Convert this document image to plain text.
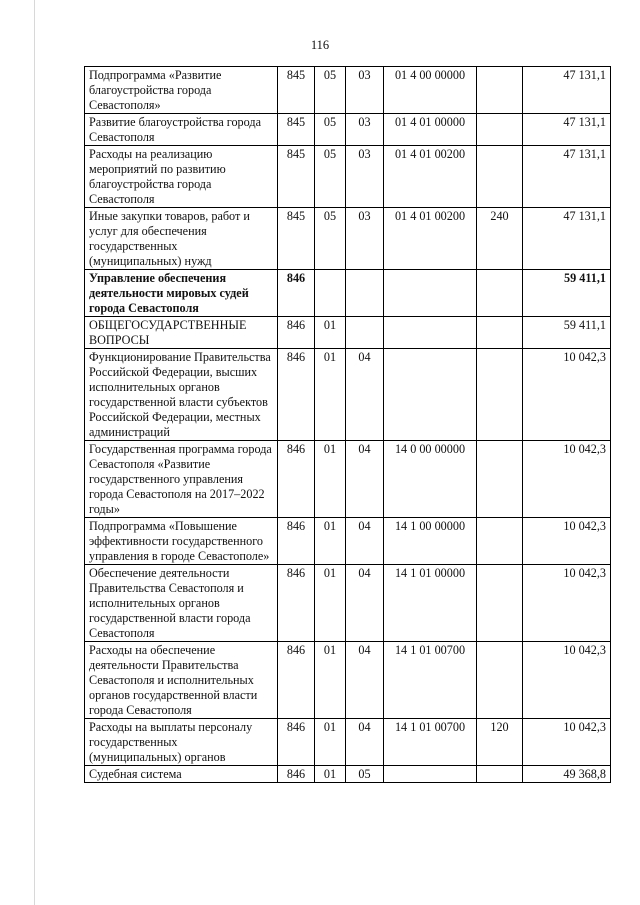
116
Подпрограмма «Развитие благоустройства города Севастополя»	845	05	03	01 4 00 00000		47 131,1
Развитие благоустройства города Севастополя	845	05	03	01 4 01 00000		47 131,1
Расходы на реализацию мероприятий по развитию благоустройства города Севастополя	845	05	03	01 4 01 00200		47 131,1
Иные закупки товаров, работ и услуг для обеспечения государственных (муниципальных) нужд	845	05	03	01 4 01 00200	240	47 131,1
Управление обеспечения деятельности мировых судей города Севастополя	846					59 411,1
ОБЩЕГОСУДАРСТВЕННЫЕ ВОПРОСЫ	846	01				59 411,1
Функционирование Правительства Российской Федерации, высших исполнительных органов государственной власти субъектов Российской Федерации, местных администраций	846	01	04			10 042,3
Государственная программа города Севастополя «Развитие государственного управления города Севастополя на 2017–2022 годы»	846	01	04	14 0 00 00000		10 042,3
Подпрограмма «Повышение эффективности государственного управления в городе Севастополе»	846	01	04	14 1 00 00000		10 042,3
Обеспечение деятельности Правительства Севастополя и исполнительных органов государственной власти города Севастополя	846	01	04	14 1 01 00000		10 042,3
Расходы на обеспечение деятельности Правительства Севастополя и исполнительных органов государственной власти города Севастополя	846	01	04	14 1 01 00700		10 042,3
Расходы на выплаты персоналу государственных (муниципальных) органов	846	01	04	14 1 01 00700	120	10 042,3
Судебная система	846	01	05			49 368,8
